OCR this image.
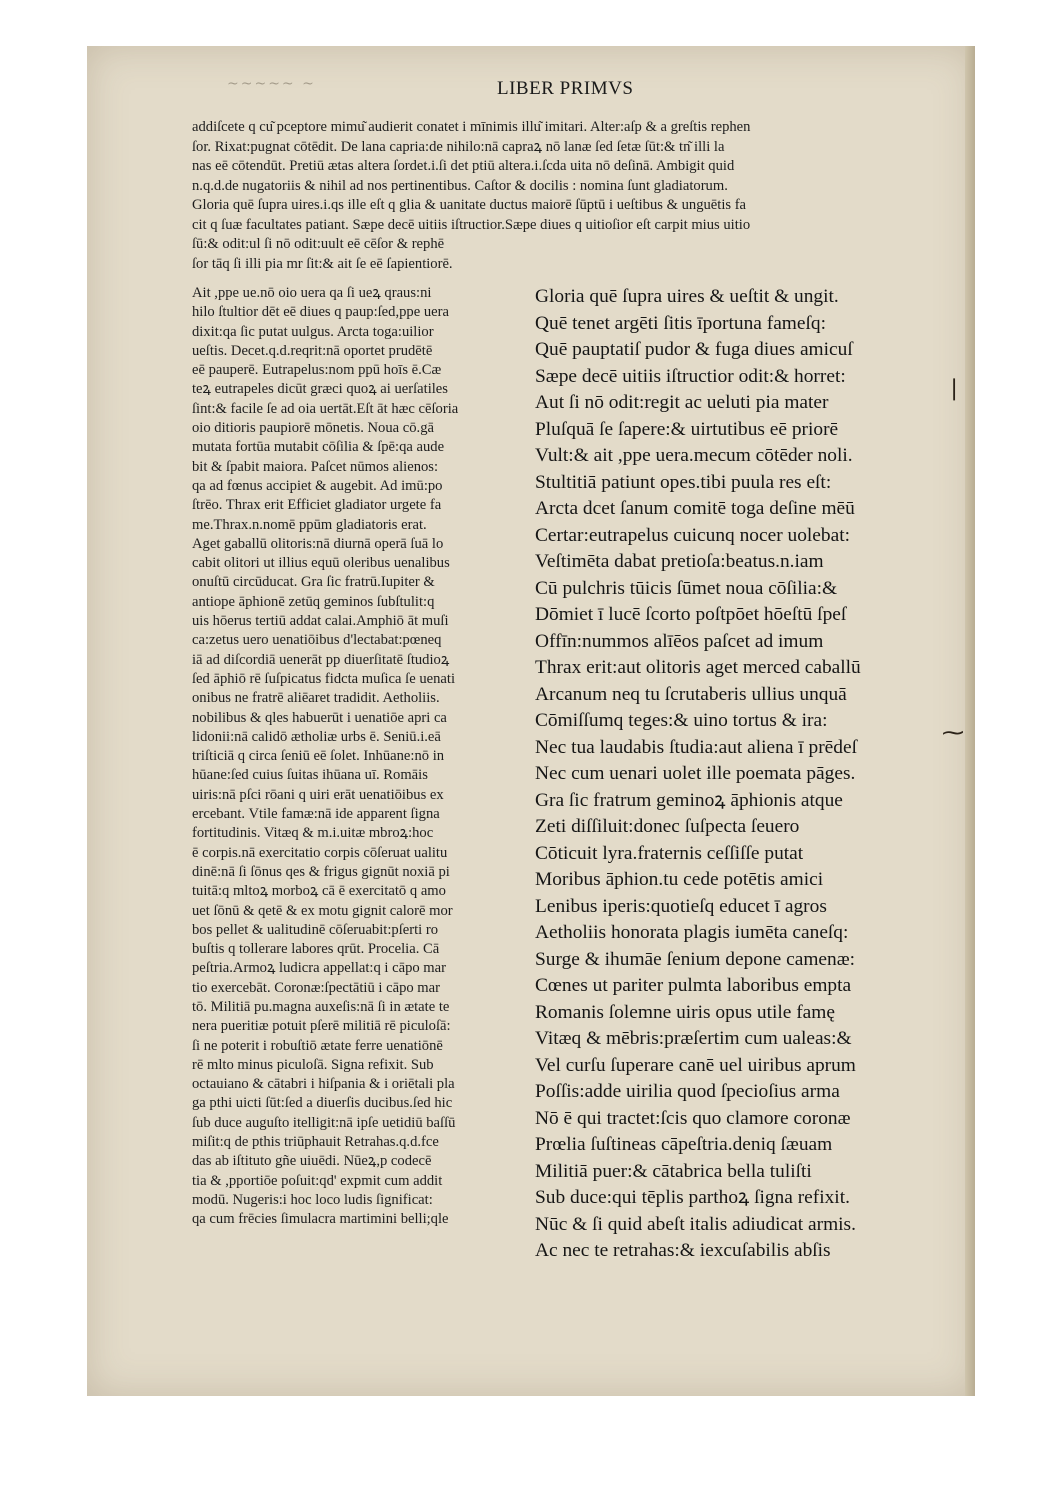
~~~~~ ~	LIBER PRIMVS
addiſcete q cu͂ pceptore mimu͂ audierit conatet i mīnimis illu͂ imitari. Alter:aſp & a greſtis rephen
ſor. Rixat:pugnat cōtēdit. De lana capria:de nihilo:nā capraꝝ nō lanæ ſed ſetæ ſūt:& tn͂ illi la
nas eē cōtendūt. Pretiū ætas altera ſordet.i.ſi det ptiū altera.i.ſcda uita nō deſinā. Ambigit quid
n.q.d.de nugatoriis & nihil ad nos pertinentibus. Caſtor & docilis : nomina ſunt gladiatorum.
Gloria quē ſupra uires.i.qs ille eſt q glia & uanitate ductus maiorē ſūptū i ueſtibus & unguētis fa
cit q ſuæ facultates patiant. Sæpe decē uitiis iſtructior.Sæpe diues q uitioſior eſt carpit mius uitio
ſū:& odit:ul ſi nō odit:uult eē cēſor & rephē
ſor tāq ſi illi pia mr ſit:& ait ſe eē ſapientiorē.
Ait ,ppe ue.nō oio uera qa ſi ueꝝ qraus:ni
hilo ſtultior dēt eē diues q paup:ſed,ppe uera
dixit:qa ſic putat uulgus. Arcta toga:uilior
ueſtis. Decet.q.d.reqrit:nā oportet prudētē
eē pauperē. Eutrapelus:nom ppū hoīs ē.Cæ
teꝝ eutrapeles dicūt græci quoꝝ ai uerſatiles
ſint:& facile ſe ad oia uertāt.Eſt āt hæc cēſoria
oio ditioris paupiorē mōnetis. Noua cō.gā
mutata fortūa mutabit cōſilia & ſpē:qa aude
bit & ſpabit maiora. Paſcet nūmos alienos:
qa ad fœnus accipiet & augebit. Ad imū:po
ſtrēo. Thrax erit Efficiet gladiator urgete fa
me.Thrax.n.nomē ppūm gladiatoris erat.
Aget gaballū olitoris:nā diurnā operā ſuā lo
cabit olitori ut illius equū oleribus uenalibus
onuſtū circūducat. Gra ſic fratrū.Iupiter &
antiope āphionē zetūq geminos ſubſtulit:q
uis hōerus tertiū addat calai.Amphiō āt muſi
ca:zetus uero uenatiōibus d'lectabat:pœneq
iā ad diſcordiā uenerāt pp diuerſitatē ſtudioꝝ
ſed āphiō rē ſuſpicatus fidcta muſica ſe uenati
onibus ne fratrē aliēaret tradidit. Aetholiis.
nobilibus & qles habuerūt i uenatiōe apri ca
lidonii:nā calidō ætholiæ urbs ē. Seniū.i.eā
triſticiā q circa ſeniū eē ſolet. Inhūane:nō in
hūane:ſed cuius ſuitas ihūana uī. Romāis
uiris:nā pſci rōani q uiri erāt uenatiōibus ex
ercebant. Vtile famæ:nā ide apparent ſigna
fortitudinis. Vitæq & m.i.uitæ mbroꝝ:hoc
ē corpis.nā exercitatio corpis cōſeruat ualitu
dinē:nā ſi ſōnus qes & frigus gignūt noxiā pi
tuitā:q mltoꝝ morboꝝ cā ē exercitatō q amo
uet ſōnū & qetē & ex motu gignit calorē mor
bos pellet & ualitudinē cōſeruabit:pſerti ro
buſtis q tollerare labores qrūt. Procelia. Cā
peſtria.Armoꝝ ludicra appellat:q i cāpo mar
tio exercebāt. Coronæ:ſpectātiū i cāpo mar
tō. Militiā pu.magna auxeſis:nā ſi in ætate te
nera pueritiæ potuit pſerē militiā rē piculoſā:
ſi ne poterit i robuſtiō ætate ferre uenatiōnē
rē mlto minus piculoſā. Signa refixit. Sub
octauiano & cātabri i hiſpania & i oriētali pla
ga pthi uicti ſūt:ſed a diuerſis ducibus.ſed hic
ſub duce auguſto itelligit:nā ipſe uetidiū baſſū
miſit:q de pthis triūphauit Retrahas.q.d.fce
das ab iſtituto gñe uiuēdi. Nūeꝝ,p codecē
tia & ,pportiōe poſuit:qd' expmit cum addit
modū. Nugeris:i hoc loco ludis ſignificat:
qa cum frēcies ſimulacra martimini belli;qle
Gloria quē ſupra uires & ueſtit & ungit.
Quē tenet argēti ſitis īportuna fameſq:
Quē pauptatiſ pudor & fuga diues amicuſ
Sæpe decē uitiis iſtructior odit:& horret:
Aut ſi nō odit:regit ac ueluti pia mater
Pluſquā ſe ſapere:& uirtutibus eē priorē
Vult:& ait ,ppe uera.mecum cōtēder noli.
Stultitiā patiunt opes.tibi puula res eſt:
Arcta dcet ſanum comitē toga deſine mēū
Certar:eutrapelus cuicunq nocer uolebat:
Veſtimēta dabat pretioſa:beatus.n.iam
Cū pulchris tūicis ſūmet noua cōſilia:&
Dōmiet ī lucē ſcorto poſtpōet hōeſtū ſpeſ
Offīn:nummos alīēos paſcet ad imum
Thrax erit:aut olitoris aget merced caballū
Arcanum neq tu ſcrutaberis ullius unquā
Cōmiſſumq teges:& uino tortus & ira:
Nec tua laudabis ſtudia:aut aliena ī prēdeſ
Nec cum uenari uolet ille poemata pāges.
Gra ſic fratrum geminoꝝ āphionis atque
Zeti diſſiluit:donec ſuſpecta ſeuero
Cōticuit lyra.fraternis ceſſiſſe putat
Moribus āphion.tu cede potētis amici
Lenibus iperis:quotieſq educet ī agros
Aetholiis honorata plagis iumēta caneſq:
Surge & ihumāe ſenium depone camenæ:
Cœnes ut pariter pulmta laboribus empta
Romanis ſolemne uiris opus utile famę
Vitæq & mēbris:præſertim cum ualeas:&
Vel curſu ſuperare canē uel uiribus aprum
Poſſis:adde uirilia quod ſpecioſius arma
Nō ē qui tractet:ſcis quo clamore coronæ
Prœlia ſuſtineas cāpeſtria.deniq ſæuam
Militiā puer:& cātabrica bella tuliſti
Sub duce:qui tēplis parthoꝝ ſigna refixit.
Nūc & ſi quid abeſt italis adiudicat armis.
Ac nec te retrahas:& iexcuſabilis abſis
❘
⁓
